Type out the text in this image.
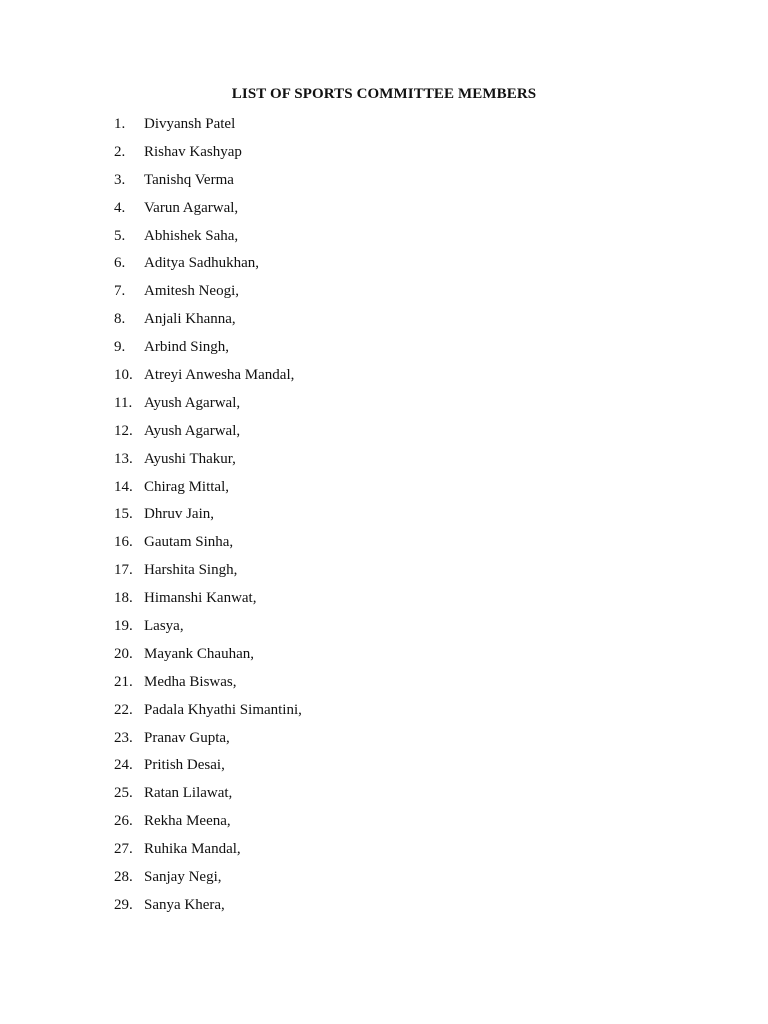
LIST OF SPORTS COMMITTEE MEMBERS
1. Divyansh Patel
2. Rishav Kashyap
3. Tanishq Verma
4. Varun Agarwal,
5. Abhishek Saha,
6. Aditya Sadhukhan,
7. Amitesh Neogi,
8. Anjali Khanna,
9. Arbind Singh,
10. Atreyi Anwesha Mandal,
11. Ayush Agarwal,
12. Ayush Agarwal,
13. Ayushi Thakur,
14. Chirag Mittal,
15. Dhruv Jain,
16. Gautam Sinha,
17. Harshita Singh,
18. Himanshi Kanwat,
19. Lasya,
20. Mayank Chauhan,
21. Medha Biswas,
22. Padala Khyathi Simantini,
23. Pranav Gupta,
24. Pritish Desai,
25. Ratan Lilawat,
26. Rekha Meena,
27. Ruhika Mandal,
28. Sanjay Negi,
29. Sanya Khera,
